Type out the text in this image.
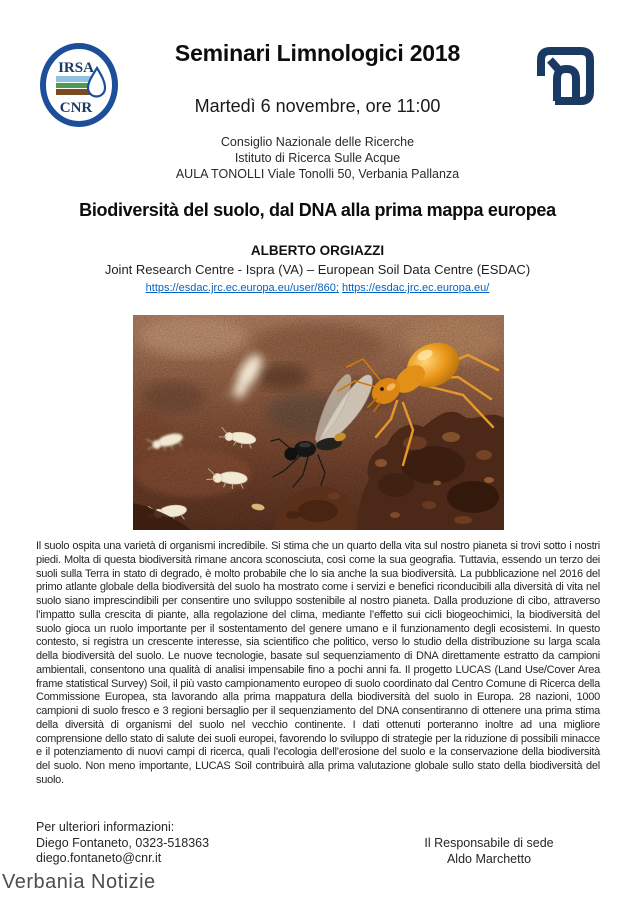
IRSA
CNR
Seminari Limnologici 2018
Martedì 6 novembre, ore 11:00
Consiglio Nazionale delle Ricerche
Istituto di Ricerca Sulle Acque
AULA TONOLLI Viale Tonolli 50, Verbania Pallanza
Biodiversità del suolo, dal DNA alla prima mappa europea
ALBERTO ORGIAZZI
Joint Research Centre - Ispra (VA) – European Soil Data Centre (ESDAC)
https://esdac.jrc.ec.europa.eu/user/860; https://esdac.jrc.ec.europa.eu/
Il suolo ospita una varietà di organismi incredibile. Si stima che un quarto della vita sul nostro pianeta si trovi sotto i nostri piedi. Molta di questa biodiversità rimane ancora sconosciuta, così come la sua geografia. Tuttavia, essendo un terzo dei suoli sulla Terra in stato di degrado, è molto probabile che lo sia anche la sua biodiversità. La pubblicazione nel 2016 del primo atlante globale della biodiversità del suolo ha mostrato come i servizi e benefici riconducibili alla diversità di vita nel suolo siano imprescindibili per consentire uno sviluppo sostenibile al nostro pianeta. Dalla produzione di cibo, attraverso l’impatto sulla crescita di piante, alla regolazione del clima, mediante l’effetto sui cicli biogeochimici, la biodiversità del suolo gioca un ruolo importante per il sostentamento del genere umano e il funzionamento degli ecosistemi. In questo contesto, si registra un crescente interesse, sia scientifico che politico, verso lo studio della distribuzione su larga scala della biodiversità del suolo. Le nuove tecnologie, basate sul sequenziamento di DNA direttamente estratto da campioni ambientali, consentono una qualità di analisi impensabile fino a pochi anni fa. Il progetto LUCAS (Land Use/Cover Area frame statistical Survey) Soil, il più vasto campionamento europeo di suolo coordinato dal Centro Comune di Ricerca della Commissione Europea, sta lavorando alla prima mappatura della biodiversità del suolo in Europa. 28 nazioni, 1000 campioni di suolo fresco e 3 regioni bersaglio per il sequenziamento del DNA consentiranno di ottenere una prima stima della diversità di organismi del suolo nel vecchio continente. I dati ottenuti porteranno inoltre ad una migliore comprensione dello stato di salute dei suoli europei, favorendo lo sviluppo di strategie per la riduzione di possibili minacce e il potenziamento di nuovi campi di ricerca, quali l’ecologia dell’erosione del suolo e la conservazione della biodiversità del suolo. Non meno importante, LUCAS Soil contribuirà alla prima valutazione globale sullo stato della biodiversità del suolo.
Per ulteriori informazioni:
Diego Fontaneto, 0323-518363
diego.fontaneto@cnr.it
Il Responsabile di sede
Aldo Marchetto
Verbania Notizie
